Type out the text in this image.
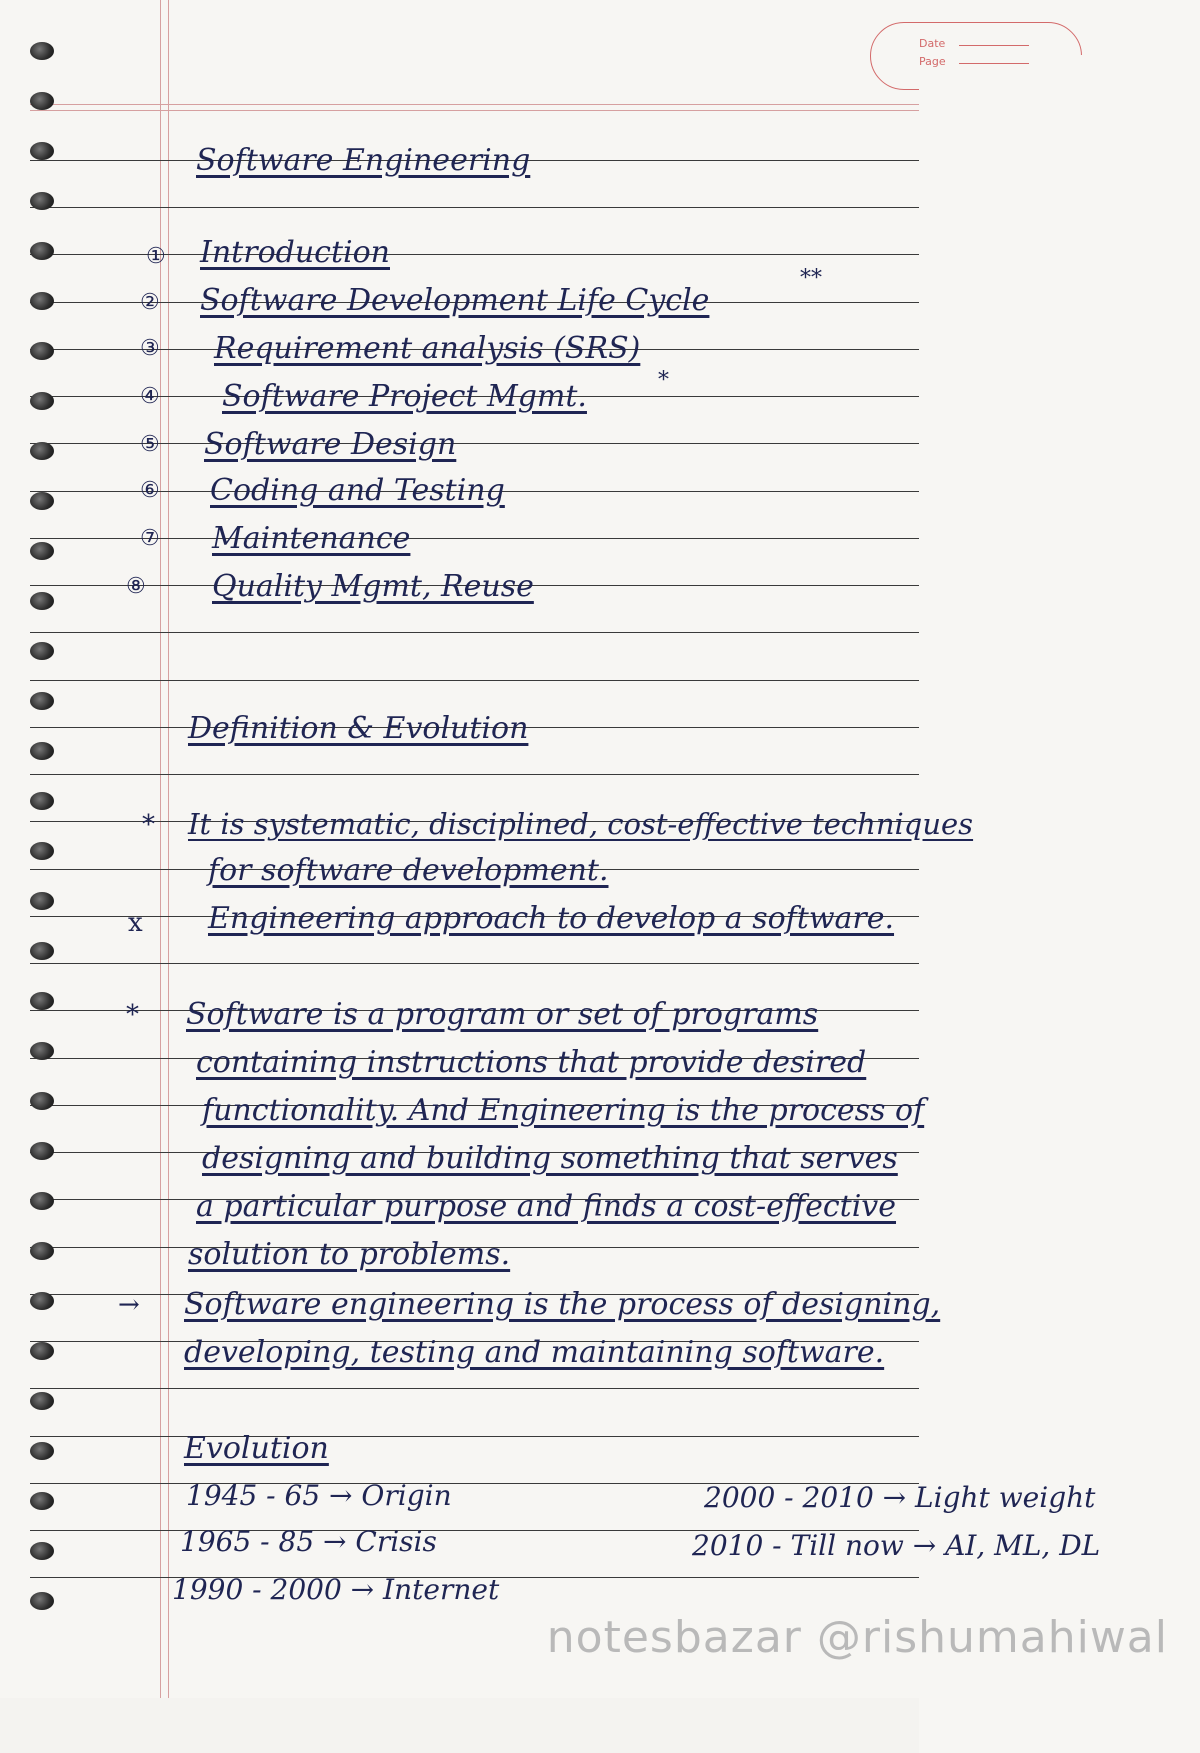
Date
Page
Software Engineering
① Introduction
② Software Development Life Cycle
**
③ Requirement analysis (SRS)
④ Software Project Mgmt.	*
⑤ Software Design
⑥ Coding and Testing
⑦ Maintenance
⑧ Quality Mgmt, Reuse
Definition & Evolution
* It is systematic, disciplined, cost-effective techniques
for software development.
x Engineering approach to develop a software.
* Software is a program or set of programs
containing instructions that provide desired
functionality. And Engineering is the process of
designing and building something that serves
a particular purpose and finds a cost-effective
solution to problems.
→ Software engineering is the process of designing,
developing, testing and maintaining software.
Evolution
1945 - 65 → Origin
1965 - 85 → Crisis
1990 - 2000 → Internet
2000 - 2010 → Light weight
2010 - Till now → AI, ML, DL
notesbazar @rishumahiwal
